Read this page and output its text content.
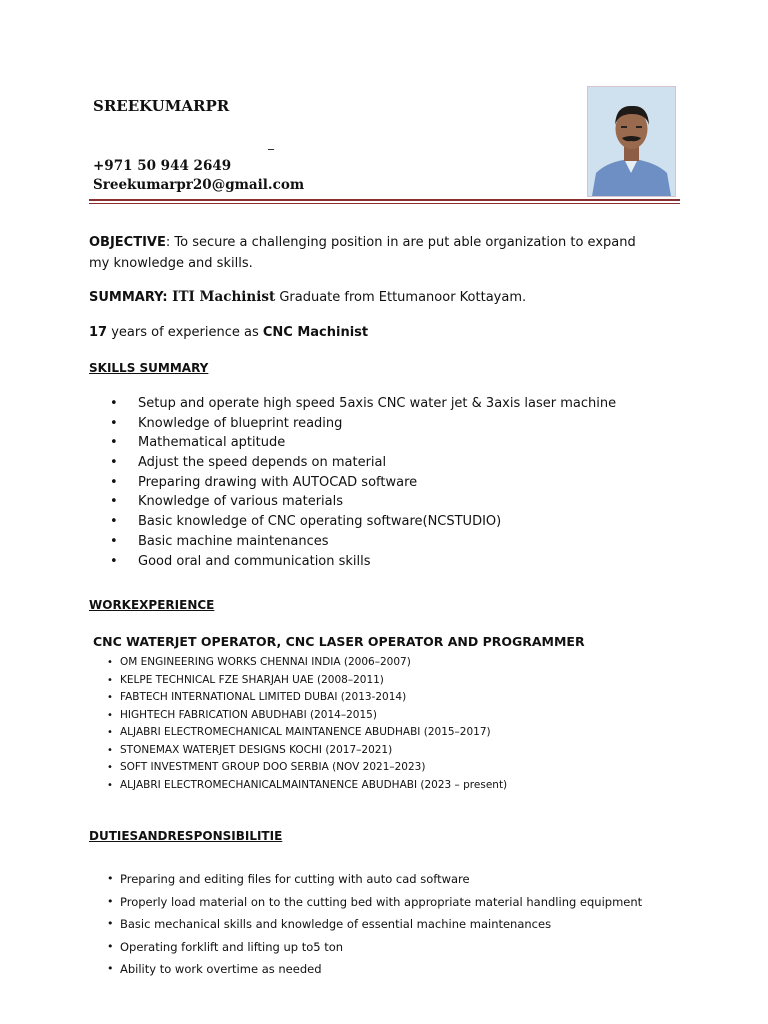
SREEKUMARPR
_
+971 50 944 2649
Sreekumarpr20@gmail.com
OBJECTIVE: To secure a challenging position in are put able organization to expand my knowledge and skills.
SUMMARY: ITI Machinist Graduate from Ettumanoor Kottayam.
17 years of experience as CNC Machinist
SKILLS SUMMARY
• Setup and operate high speed 5axis CNC water jet & 3axis laser machine
• Knowledge of blueprint reading
• Mathematical aptitude
• Adjust the speed depends on material
• Preparing drawing with AUTOCAD software
• Knowledge of various materials
• Basic knowledge of CNC operating software(NCSTUDIO)
• Basic machine maintenances
• Good oral and communication skills
WORKEXPERIENCE
CNC WATERJET OPERATOR, CNC LASER OPERATOR AND PROGRAMMER
• OM ENGINEERING WORKS CHENNAI INDIA (2006–2007)
• KELPE TECHNICAL FZE SHARJAH UAE (2008–2011)
• FABTECH INTERNATIONAL LIMITED DUBAI (2013-2014)
• HIGHTECH FABRICATION ABUDHABI (2014–2015)
• ALJABRI ELECTROMECHANICAL MAINTANENCE ABUDHABI (2015–2017)
• STONEMAX WATERJET DESIGNS KOCHI (2017–2021)
• SOFT INVESTMENT GROUP DOO SERBIA (NOV 2021–2023)
• ALJABRI ELECTROMECHANICALMAINTANENCE ABUDHABI (2023 – present)
DUTIESANDRESPONSIBILITIE
• Preparing and editing files for cutting with auto cad software
• Properly load material on to the cutting bed with appropriate material handling equipment
• Basic mechanical skills and knowledge of essential machine maintenances
• Operating forklift and lifting up to5 ton
• Ability to work overtime as needed
